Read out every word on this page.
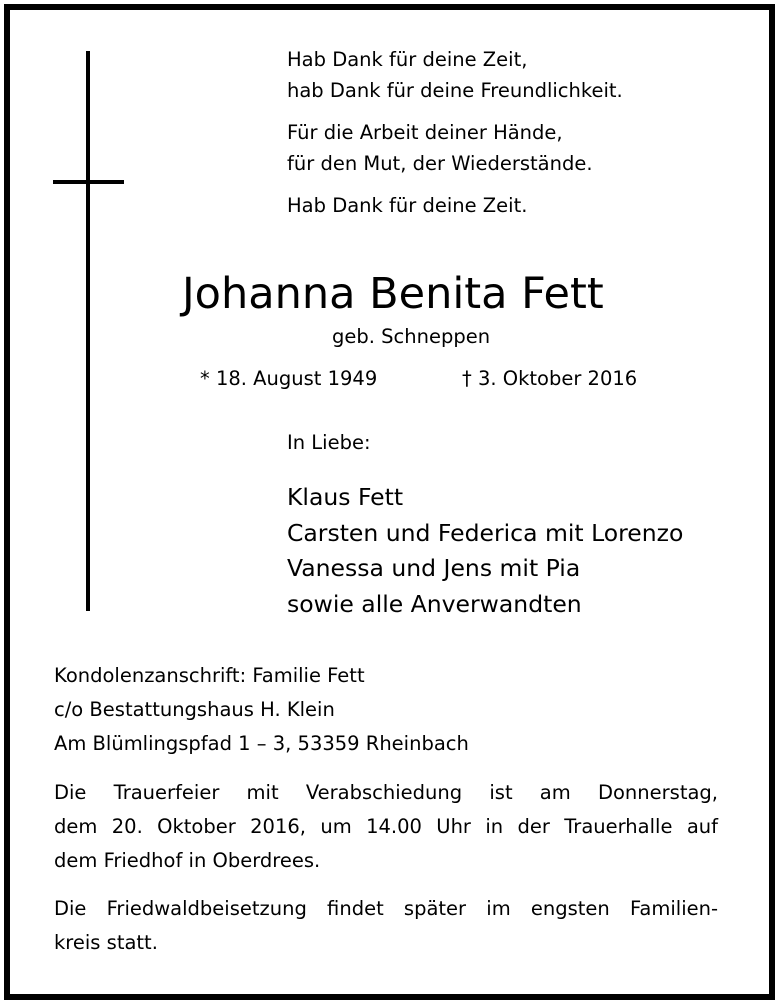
Hab Dank für deine Zeit,
hab Dank für deine Freundlichkeit.
Für die Arbeit deiner Hände,
für den Mut, der Wiederstände.
Hab Dank für deine Zeit.
Johanna Benita Fett
geb. Schneppen
* 18. August 1949	† 3. Oktober 2016
In Liebe:
Klaus Fett
Carsten und Federica mit Lorenzo
Vanessa und Jens mit Pia
sowie alle Anverwandten
Kondolenzanschrift: Familie Fett
c/o Bestattungshaus H. Klein
Am Blümlingspfad 1 – 3, 53359 Rheinbach
Die Trauerfeier mit Verabschiedung ist am Donnerstag,
dem 20. Oktober 2016, um 14.00 Uhr in der Trauerhalle auf
dem Friedhof in Oberdrees.
Die Friedwaldbeisetzung findet später im engsten Familien-
kreis statt.
